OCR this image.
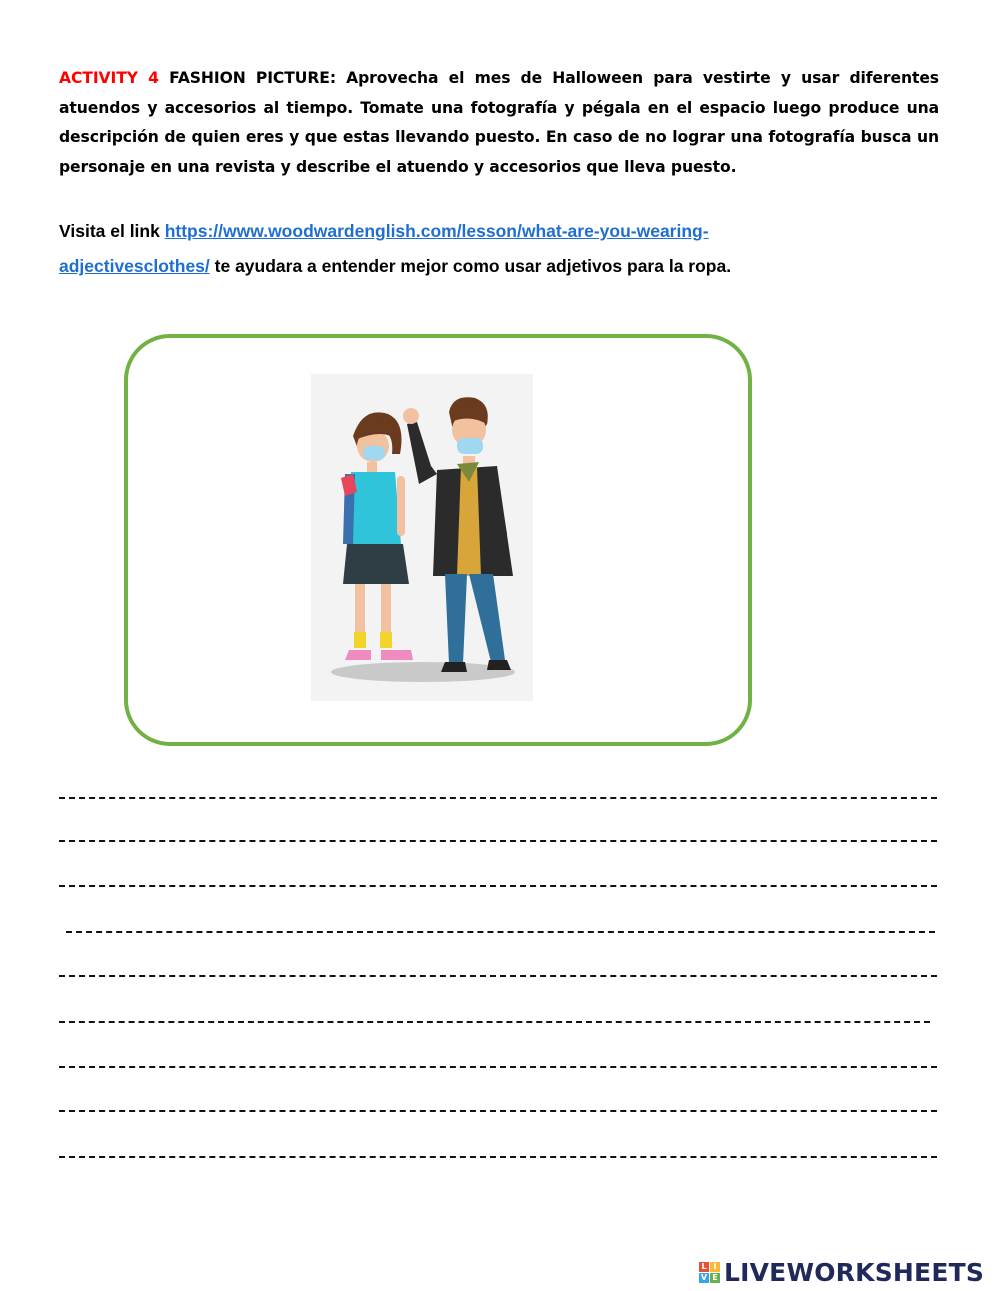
ACTIVITY 4 FASHION PICTURE: Aprovecha el mes de Halloween para vestirte y usar diferentes atuendos y accesorios al tiempo. Tomate una fotografía y pégala en el espacio luego produce una descripción de quien eres y que estas llevando puesto. En caso de no lograr una fotografía busca un personaje en una revista y describe el atuendo y accesorios que lleva puesto.
Visita el link https://www.woodwardenglish.com/lesson/what-are-you-wearing-
adjectivesclothes/ te ayudara a entender mejor como usar adjetivos para la ropa.
L I
V E LIVEWORKSHEETS
